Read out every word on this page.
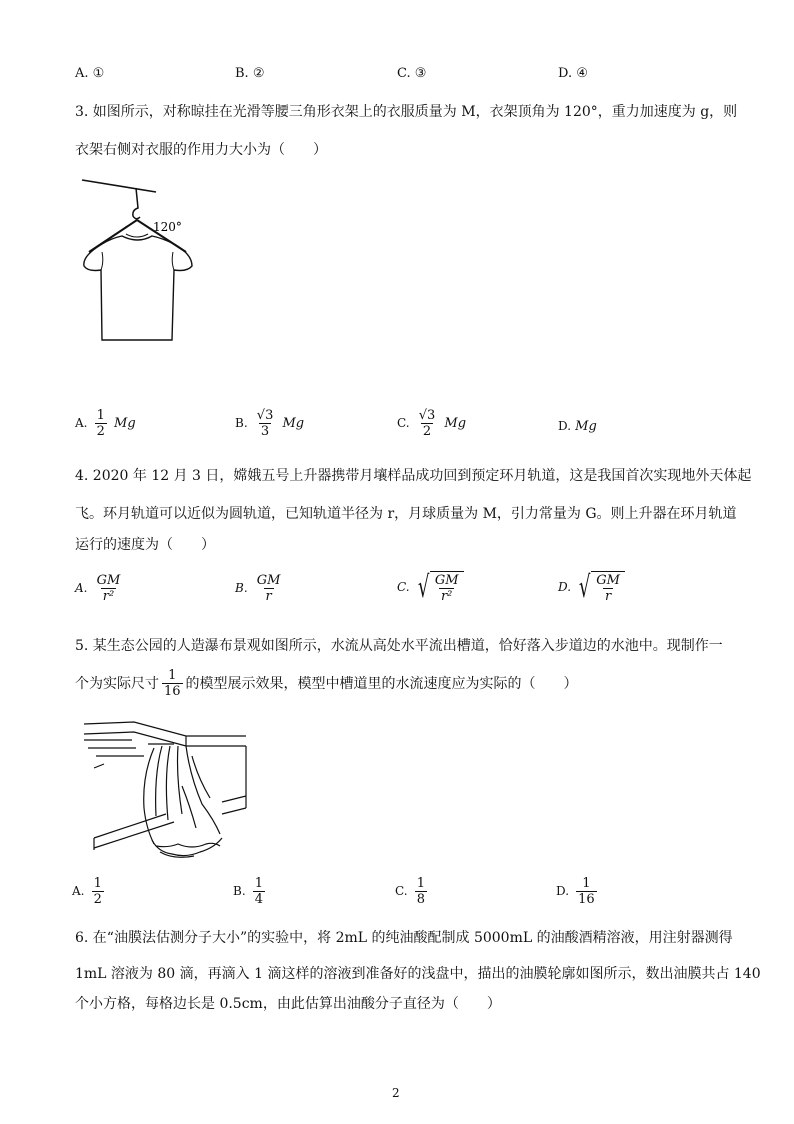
A. ①	B. ②	C. ③	D. ④
3. 如图所示，对称晾挂在光滑等腰三角形衣架上的衣服质量为 M，衣架顶角为 120°，重力加速度为 g，则
衣架右侧对衣服的作用力大小为（　　）
120°
A. $\frac{1}{2}$ Mg	B. $\frac{√3}{3}$ Mg	C. $\frac{√3}{2}$ Mg	D. Mg
4. 2020 年 12 月 3 日，嫦娥五号上升器携带月壤样品成功回到预定环月轨道，这是我国首次实现地外天体起
飞。环月轨道可以近似为圆轨道，已知轨道半径为 r，月球质量为 M，引力常量为 G。则上升器在环月轨道
运行的速度为（　　）
A. $\frac{GM}{\text{r²}}$	B. $\frac{GM}{r}$	C. √ $\frac{GM}{\text{r²}}$	D. √ $\frac{GM}{r}$
5. 某生态公园的人造瀑布景观如图所示，水流从高处水平流出槽道，恰好落入步道边的水池中。现制作一
个为实际尺寸 $\frac{1}{16}$ 的模型展示效果，模型中槽道里的水流速度应为实际的（　　）
A. $\frac{1}{2}$	B. $\frac{1}{4}$	C. $\frac{1}{8}$	D. $\frac{1}{16}$
6. 在“油膜法估测分子大小”的实验中，将 2mL 的纯油酸配制成 5000mL 的油酸酒精溶液，用注射器测得
1mL 溶液为 80 滴，再滴入 1 滴这样的溶液到准备好的浅盘中，描出的油膜轮廓如图所示，数出油膜共占 140
个小方格，每格边长是 0.5cm，由此估算出油酸分子直径为（　　）
2
